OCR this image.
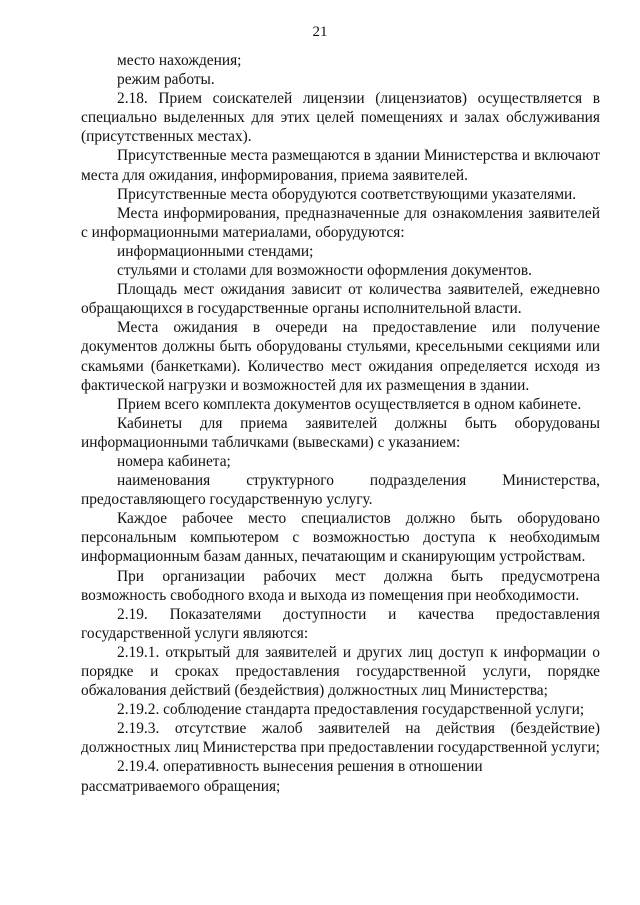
21

место нахождения;

режим работы.

2.18. Прием соискателей лицензии (лицензиатов) осуществляется в специально выделенных для этих целей помещениях и залах обслуживания (присутственных местах).

Присутственные места размещаются в здании Министерства и включают места для ожидания, информирования, приема заявителей.

Присутственные места оборудуются соответствующими указателями.

Места информирования, предназначенные для ознакомления заявителей с информационными материалами, оборудуются:

информационными стендами;

стульями и столами для возможности оформления документов.

Площадь мест ожидания зависит от количества заявителей, ежедневно обращающихся в государственные органы исполнительной власти.

Места ожидания в очереди на предоставление или получение документов должны быть оборудованы стульями, кресельными секциями или скамьями (банкетками). Количество мест ожидания определяется исходя из фактической нагрузки и возможностей для их размещения в здании.

Прием всего комплекта документов осуществляется в одном кабинете.

Кабинеты для приема заявителей должны быть оборудованы информационными табличками (вывесками) с указанием:

номера кабинета;

наименования структурного подразделения Министерства, предоставляющего государственную услугу.

Каждое рабочее место специалистов должно быть оборудовано персональным компьютером с возможностью доступа к необходимым информационным базам данных, печатающим и сканирующим устройствам.

При организации рабочих мест должна быть предусмотрена возможность свободного входа и выхода из помещения при необходимости.

2.19. Показателями доступности и качества предоставления государственной услуги являются:

2.19.1. открытый для заявителей и других лиц доступ к информации о порядке и сроках предоставления государственной услуги, порядке обжалования действий (бездействия) должностных лиц Министерства;

2.19.2. соблюдение стандарта предоставления государственной услуги;

2.19.3. отсутствие жалоб заявителей на действия (бездействие) должностных лиц Министерства при предоставлении государственной услуги;

2.19.4. оперативность вынесения решения в отношении рассматриваемого обращения;
